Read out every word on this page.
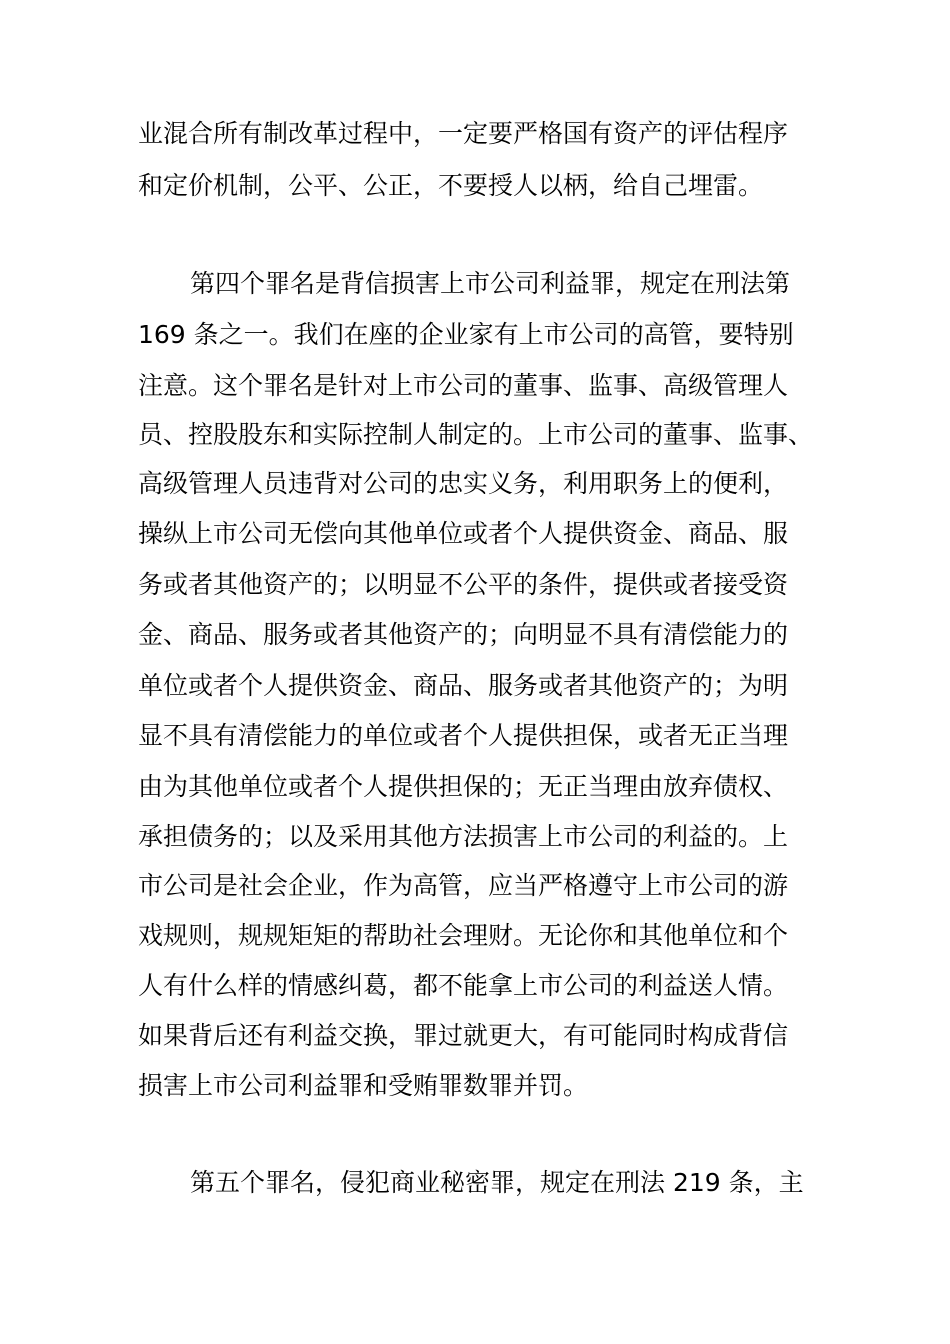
业混合所有制改革过程中，一定要严格国有资产的评估程序
和定价机制，公平、公正，不要授人以柄，给自己埋雷。
第四个罪名是背信损害上市公司利益罪，规定在刑法第
169 条之一。我们在座的企业家有上市公司的高管，要特别
注意。这个罪名是针对上市公司的董事、监事、高级管理人
员、控股股东和实际控制人制定的。上市公司的董事、监事、
高级管理人员违背对公司的忠实义务，利用职务上的便利，
操纵上市公司无偿向其他单位或者个人提供资金、商品、服
务或者其他资产的；以明显不公平的条件，提供或者接受资
金、商品、服务或者其他资产的；向明显不具有清偿能力的
单位或者个人提供资金、商品、服务或者其他资产的；为明
显不具有清偿能力的单位或者个人提供担保，或者无正当理
由为其他单位或者个人提供担保的；无正当理由放弃债权、
承担债务的；以及采用其他方法损害上市公司的利益的。上
市公司是社会企业，作为高管，应当严格遵守上市公司的游
戏规则，规规矩矩的帮助社会理财。无论你和其他单位和个
人有什么样的情感纠葛，都不能拿上市公司的利益送人情。
如果背后还有利益交换，罪过就更大，有可能同时构成背信
损害上市公司利益罪和受贿罪数罪并罚。
第五个罪名，侵犯商业秘密罪，规定在刑法 219 条，主
